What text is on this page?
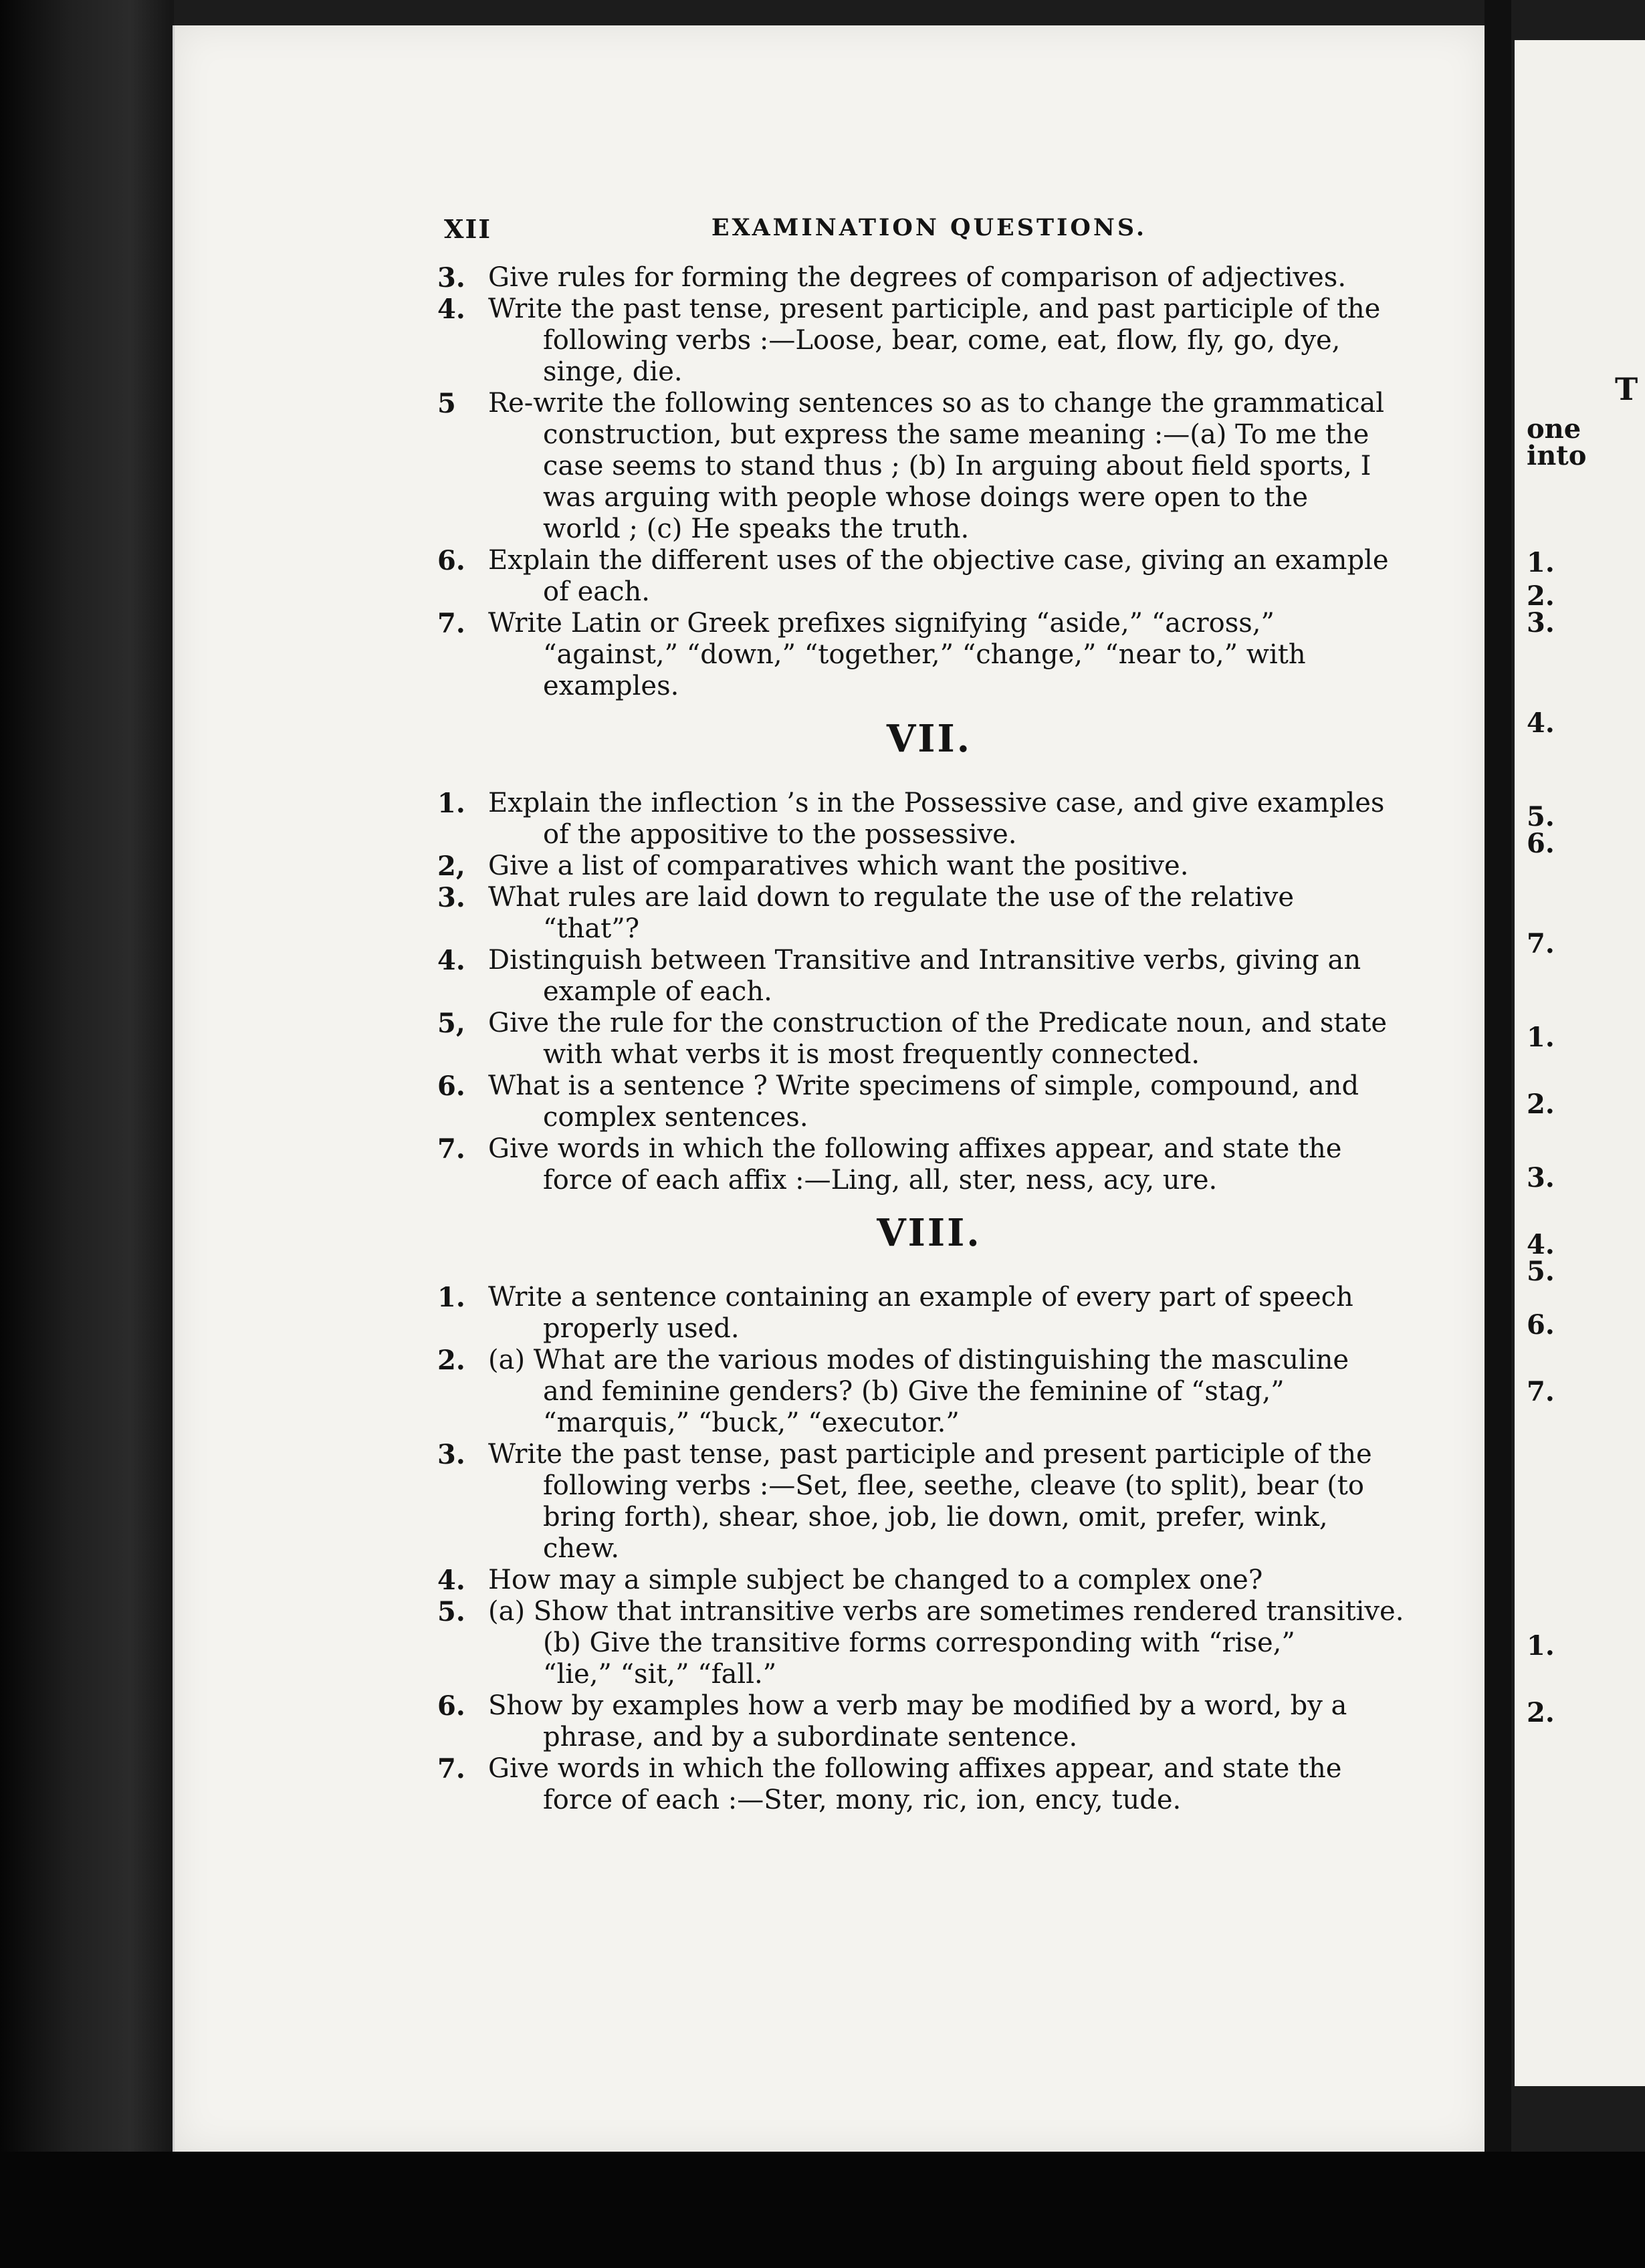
T
one
into
1.
2.
3.
4.
5.
6.
7.
1.
2.
3.
4.
5.
6.
7.
1.
2.
XII	EXAMINATION QUESTIONS.
3. Give rules for forming the degrees of comparison of adjectives.
4. Write the past tense, present participle, and past participle of the
following verbs :—Loose, bear, come, eat, flow, fly, go, dye,
singe, die.
5	Re-write the following sentences so as to change the grammatical
construction, but express the same meaning :—(a) To me the
case seems to stand thus ; (b) In arguing about field sports, I
was arguing with people whose doings were open to the
world ; (c) He speaks the truth.
6. Explain the different uses of the objective case, giving an example
of each.
7. Write Latin or Greek prefixes signifying “aside,” “across,”
“against,” “down,” “together,” “change,” “near to,” with
examples.
VII.
1. Explain the inflection ’s in the Possessive case, and give examples
of the appositive to the possessive.
2, Give a list of comparatives which want the positive.
3. What rules are laid down to regulate the use of the relative
“that”?
4. Distinguish between Transitive and Intransitive verbs, giving an
example of each.
5, Give the rule for the construction of the Predicate noun, and state
with what verbs it is most frequently connected.
6. What is a sentence ? Write specimens of simple, compound, and
complex sentences.
7. Give words in which the following affixes appear, and state the
force of each affix :—Ling, all, ster, ness, acy, ure.
VIII.
1. Write a sentence containing an example of every part of speech
properly used.
2. (a) What are the various modes of distinguishing the masculine
and feminine genders? (b) Give the feminine of “stag,”
“marquis,” “buck,” “executor.”
3. Write the past tense, past participle and present participle of the
following verbs :—Set, flee, seethe, cleave (to split), bear (to
bring forth), shear, shoe, job, lie down, omit, prefer, wink,
chew.
4. How may a simple subject be changed to a complex one?
5. (a) Show that intransitive verbs are sometimes rendered transitive.
(b) Give the transitive forms corresponding with “rise,”
“lie,” “sit,” “fall.”
6. Show by examples how a verb may be modified by a word, by a
phrase, and by a subordinate sentence.
7. Give words in which the following affixes appear, and state the
force of each :—Ster, mony, ric, ion, ency, tude.
